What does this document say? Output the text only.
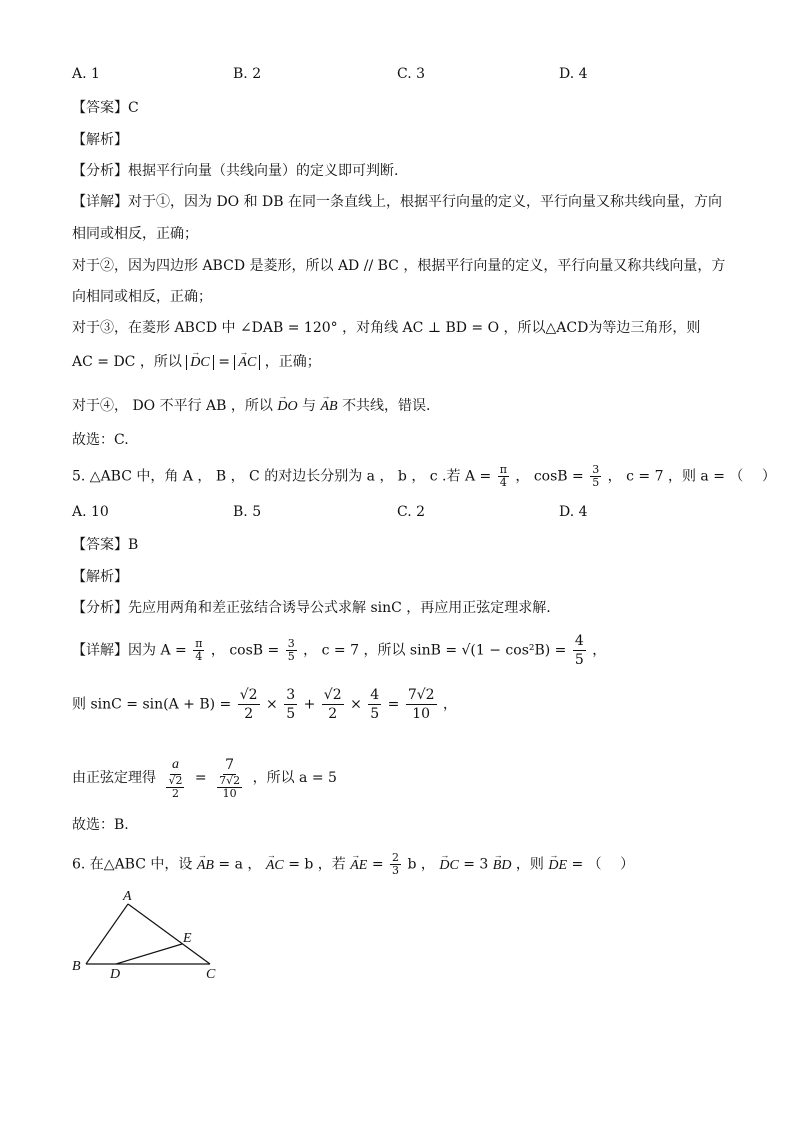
A. 1	B. 2	C. 3	D. 4
【答案】C
【解析】
【分析】根据平行向量（共线向量）的定义即可判断.
【详解】对于①，因为 DO 和 DB 在同一条直线上，根据平行向量的定义，平行向量又称共线向量，方向
相同或相反，正确；
对于②，因为四边形 ABCD 是菱形，所以 AD // BC ，根据平行向量的定义，平行向量又称共线向量，方
向相同或相反，正确；
对于③，在菱形 ABCD 中 ∠DAB = 120° ，对角线 AC ⊥ BD = O ，所以△ACD为等边三角形，则
AC = DC ，所以 → DC = → AC ，正确；
对于④， DO 不平行 AB ，所以 → DO 与 → AB 不共线，错误.
故选：C.
5. △ABC 中，角 A ， B ， C 的对边长分别为 a ， b ， c .若 $A = \frac{\pi}{4}$ ， $\cos B = \frac{3}{5}$ ， c = 7 ，则 a = （　 ）
A. 10	B. 5	C. 2	D. 4
【答案】B
【解析】
【分析】先应用两角和差正弦结合诱导公式求解 sinC ，再应用正弦定理求解.
【详解】因为 $A = \frac{\pi}{4}$ ， $\cos B = \frac{3}{5}$ ， c = 7 ，所以 $\sin B = √(1 - \cos^2B) = \frac{4}{5}$ ，
则 $\sin C = \sin(A + B) = \frac{√2}{2} \times \frac{3}{5} + \frac{√2}{2} \times \frac{4}{5} = \frac{7√2}{10}$ ，
由正弦定理得 $\frac{a}{\frac{√2}{2}} = \frac{7}{\frac{7√2}{10}}$ ，所以 a = 5
故选：B.
6. 在△ABC 中，设 → AB = a ， → AC = b ，若 → AE = $\frac{2}{3}$ b ， → DC = 3 → BD ，则 → DE = （　 ）
A
B
C
D
E
